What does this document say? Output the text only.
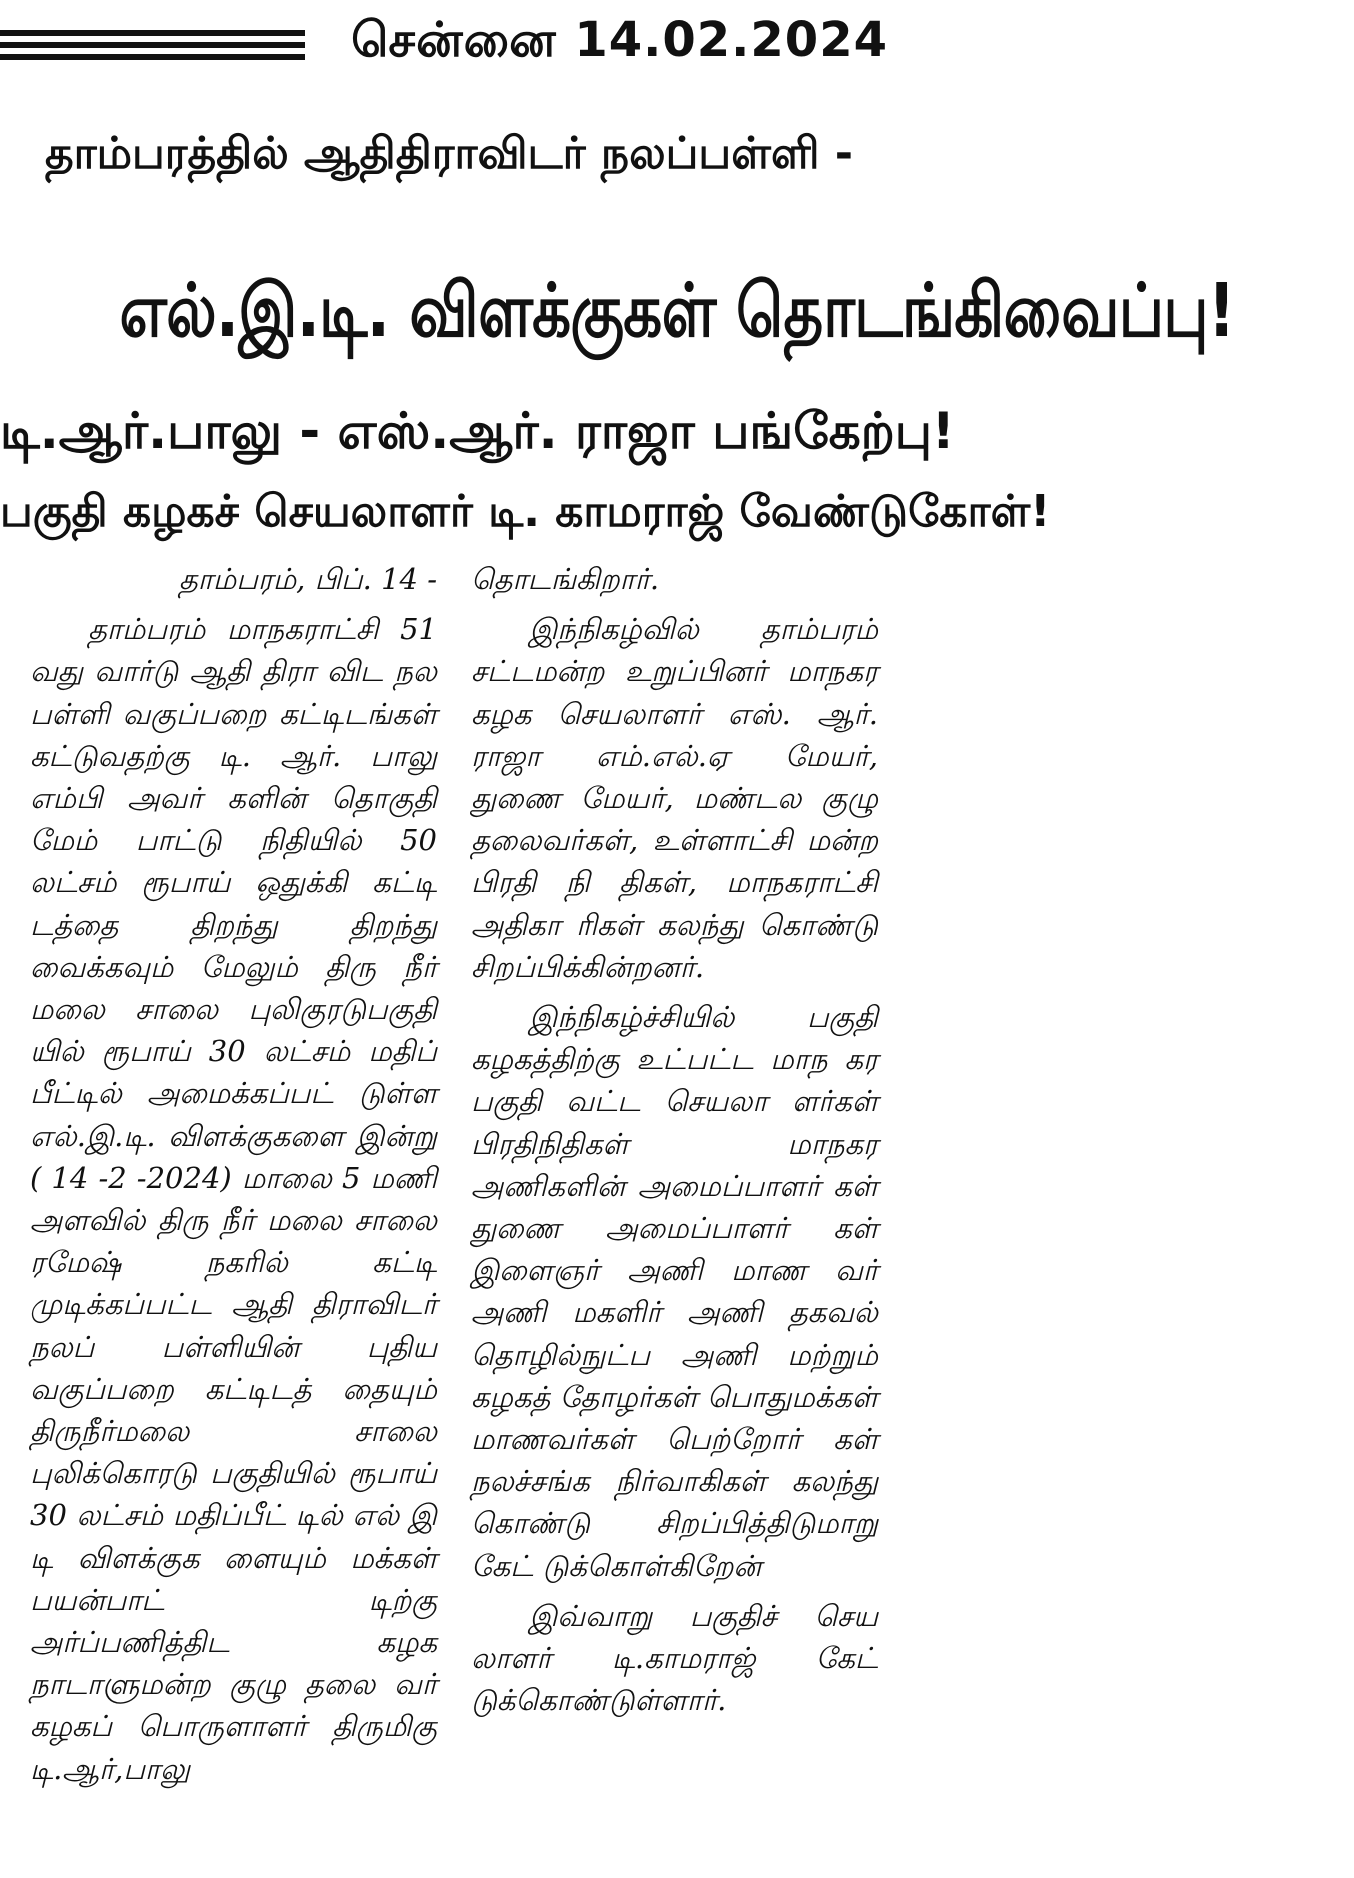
சென்னை 14.02.2024
தாம்பரத்தில் ஆதிதிராவிடர் நலப்பள்ளி -
எல்.இ.டி. விளக்குகள் தொடங்கிவைப்பு!
டி.ஆர்.பாலு - எஸ்.ஆர். ராஜா பங்கேற்பு!
பகுதி கழகச் செயலாளர் டி. காமராஜ் வேண்டுகோள்!

தாம்பரம், பிப். 14 -

தாம்பரம் மாநகராட்சி 51 வது வார்டு ஆதி திரா விட நல பள்ளி வகுப்பறை கட்டிடங்கள் கட்டுவதற்கு டி. ஆர். பாலு எம்பி அவர் களின் தொகுதி மேம் பாட்டு நிதியில் 50 லட்சம் ரூபாய் ஒதுக்கி கட்டி டத்தை திறந்து திறந்து வைக்கவும் மேலும் திரு நீர் மலை சாலை புலிகுரடுபகுதி யில் ரூபாய் 30 லட்சம் மதிப் பீட்டில் அமைக்கப்பட் டுள்ள எல்.இ.டி. விளக்குகளை இன்று ( 14 -2 -2024) மாலை 5 மணி அளவில் திரு நீர் மலை சாலை ரமேஷ் நகரில் கட்டி முடிக்கப்பட்ட ஆதி திராவிடர் நலப் பள்ளியின் புதிய வகுப்பறை கட்டிடத் தையும் திருநீர்மலை சாலை புலிக்கொரடு பகுதியில் ரூபாய் 30 லட்சம் மதிப்பீட் டில் எல் இ டி விளக்குக ளையும் மக்கள் பயன்பாட் டிற்கு அர்ப்பணித்திட கழக நாடாளுமன்ற குழு தலை வர் கழகப் பொருளாளர் திருமிகு டி.ஆர்,பாலு

தொடங்கிறார்.

இந்நிகழ்வில் தாம்பரம் சட்டமன்ற உறுப்பினர் மாநகர கழக செயலாளர் எஸ். ஆர். ராஜா எம்.எல்.ஏ மேயர், துணை மேயர், மண்டல குழு தலைவர்கள், உள்ளாட்சி மன்ற பிரதி நி திகள், மாநகராட்சி அதிகா ரிகள் கலந்து கொண்டு சிறப்பிக்கின்றனர்.

இந்நிகழ்ச்சியில் பகுதி கழகத்திற்கு உட்பட்ட மாந கர பகுதி வட்ட செயலா ளர்கள் பிரதிநிதிகள் மாநகர அணிகளின் அமைப்பாளர் கள் துணை அமைப்பாளர் கள் இளைஞர் அணி மாண வர் அணி மகளிர் அணி தகவல் தொழில்நுட்ப அணி மற்றும் கழகத் தோழர்கள் பொதுமக்கள் மாணவர்கள் பெற்றோர் கள் நலச்சங்க நிர்வாகிகள் கலந்து கொண்டு சிறப்பித்திடுமாறு கேட் டுக்கொள்கிறேன்

இவ்வாறு பகுதிச் செய லாளர் டி.காமராஜ் கேட் டுக்கொண்டுள்ளார்.
